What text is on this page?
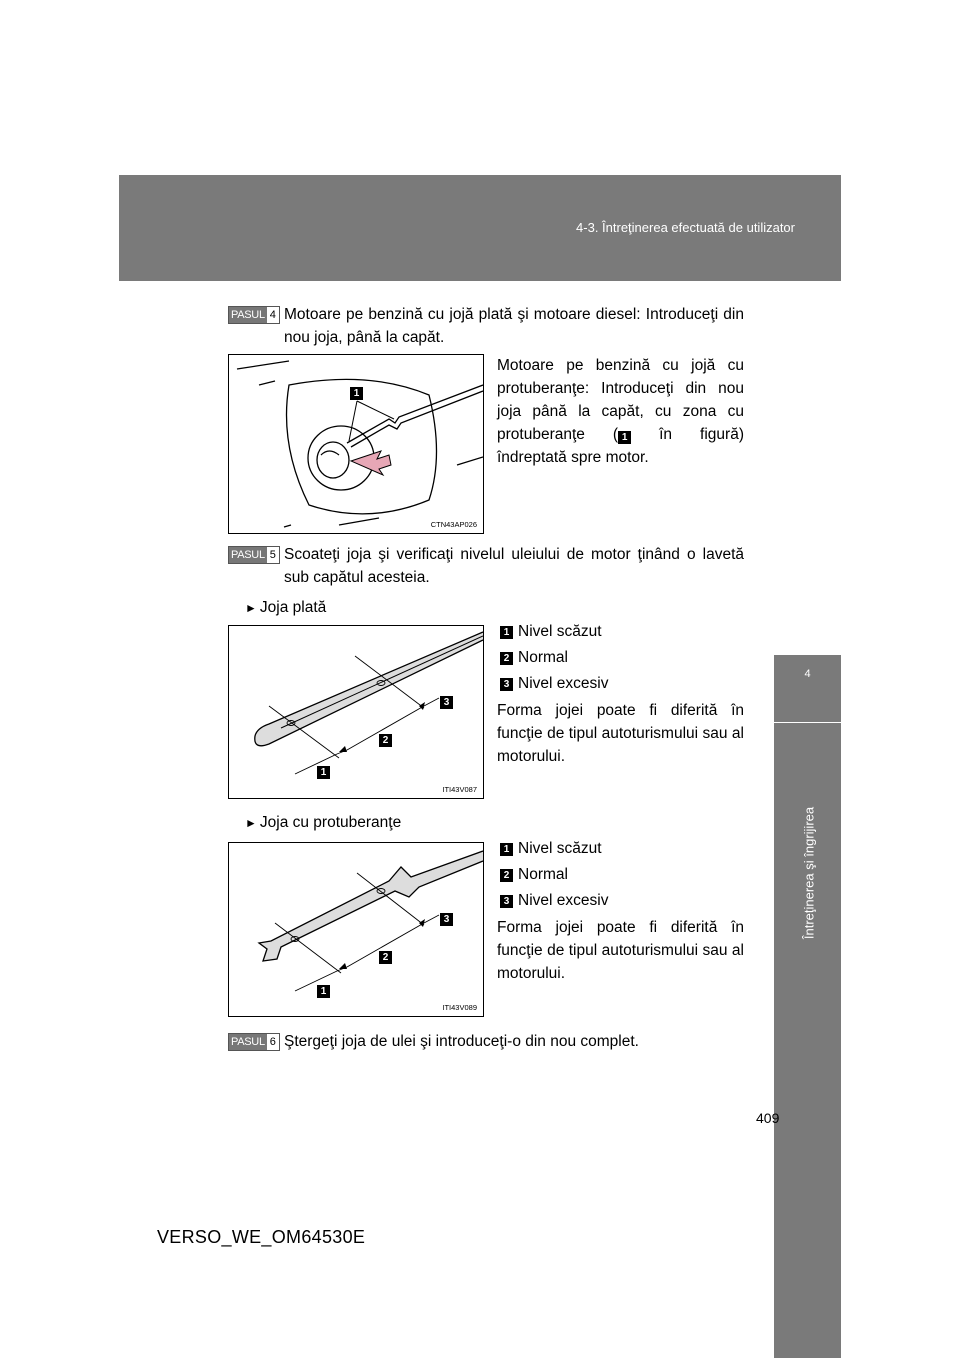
4-3. Întreţinerea efectuată de utilizator
4
Întreţinerea şi îngrijirea
PASUL 4 Motoare pe benzină cu jojă plată şi motoare diesel: Introduceţi din nou joja, până la capăt.
1
CTN43AP026
Motoare pe benzină cu jojă cu protuberanţe: Introduceţi din nou joja până la capăt, cu zona cu protuberanţe ( 1 în figură) îndreptată spre motor.
PASUL 5 Scoateţi joja şi verificaţi nivelul uleiului de motor ţinând o lavetă sub capătul acesteia.
► Joja plată
1
2
3
ITI43V087
1 Nivel scăzut
2 Normal
3 Nivel excesiv
Forma jojei poate fi diferită în funcţie de tipul autoturismului sau al motorului.
► Joja cu protuberanţe
1
2
3
ITI43V089
1 Nivel scăzut
2 Normal
3 Nivel excesiv
Forma jojei poate fi diferită în funcţie de tipul autoturismului sau al motorului.
PASUL 6 Ştergeţi joja de ulei şi introduceţi-o din nou complet.
409
VERSO_WE_OM64530E
